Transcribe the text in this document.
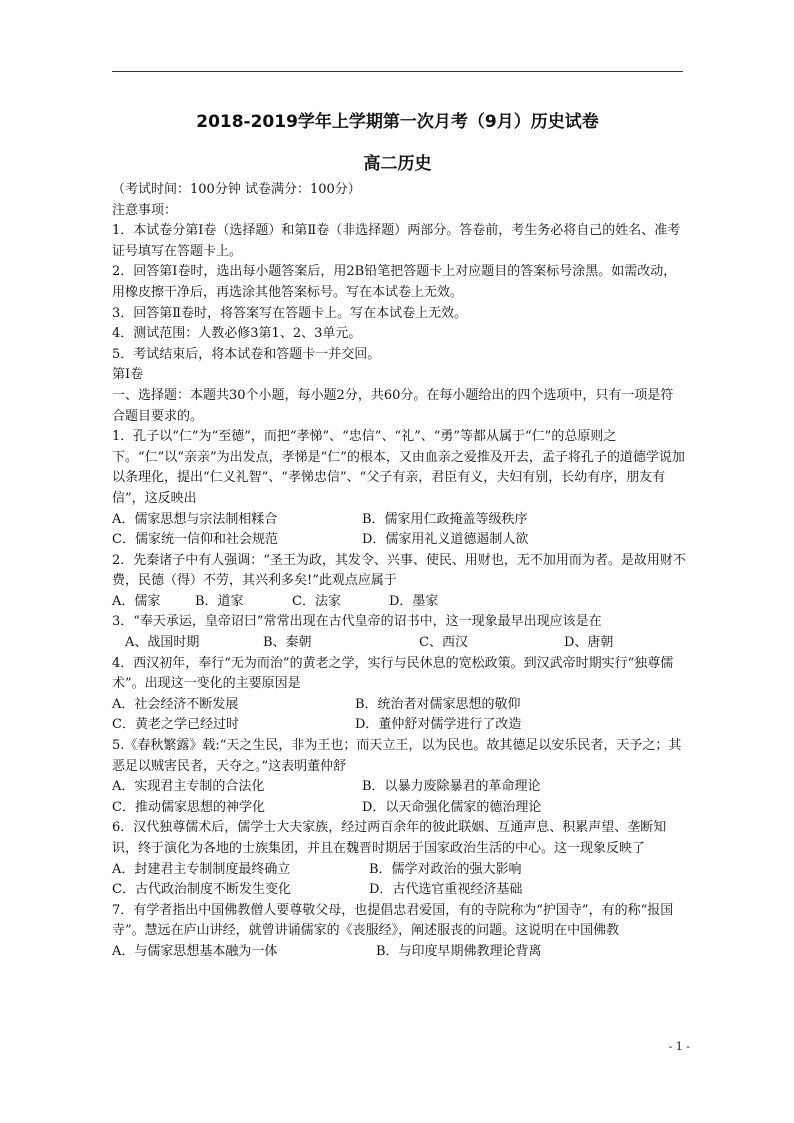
2018-2019学年上学期第一次月考（9月）历史试卷
高二历史

（考试时间：100分钟 试卷满分：100分）

注意事项：

1．本试卷分第Ⅰ卷（选择题）和第Ⅱ卷（非选择题）两部分。答卷前，考生务必将自己的姓名、准考证号填写在答题卡上。

2．回答第Ⅰ卷时，选出每小题答案后，用2B铅笔把答题卡上对应题目的答案标号涂黑。如需改动，用橡皮擦干净后，再选涂其他答案标号。写在本试卷上无效。

3．回答第Ⅱ卷时，将答案写在答题卡上。写在本试卷上无效。

4．测试范围：人教必修3第1、2、3单元。

5．考试结束后，将本试卷和答题卡一并交回。

第Ⅰ卷

一、选择题：本题共30个小题，每小题2分，共60分。在每小题给出的四个选项中，只有一项是符合题目要求的。

1．孔子以“仁”为“至德”，而把“孝悌”、“忠信”、“礼”、“勇”等都从属于“仁”的总原则之下。“仁”以“亲亲”为出发点，孝悌是“仁”的根本，又由血亲之爱推及开去，孟子将孔子的道德学说加以条理化，提出“仁义礼智”、“孝悌忠信”、“父子有亲，君臣有义，夫妇有别，长幼有序，朋友有信”，这反映出

A．儒家思想与宗法制相糅合	B．儒家用仁政掩盖等级秩序
C．儒家统一信仰和社会规范	D．儒家用礼义道德遏制人欲

2．先秦诸子中有人强调：“圣王为政，其发令、兴事、使民、用财也，无不加用而为者。是故用财不费，民德（得）不劳，其兴利多矣!”此观点应属于

A．儒家	B．道家	C．法家	D．墨家

3．“奉天承运，皇帝诏曰”常常出现在古代皇帝的诏书中，这一现象最早出现应该是在

A、战国时期	B、秦朝	C、西汉	D、唐朝

4．西汉初年，奉行“无为而治”的黄老之学，实行与民休息的宽松政策。到汉武帝时期实行“独尊儒术”。出现这一变化的主要原因是

A．社会经济不断发展	B．统治者对儒家思想的敬仰
C．黄老之学已经过时	D．董仲舒对儒学进行了改造

5.《春秋繁露》载:“天之生民，非为王也；而天立王，以为民也。故其德足以安乐民者，天予之；其恶足以贼害民者，天夺之。”这表明董仲舒

A．实现君主专制的合法化	B．以暴力废除暴君的革命理论
C．推动儒家思想的神学化	D．以天命强化儒家的德治理论

6．汉代独尊儒术后，儒学士大夫家族，经过两百余年的彼此联姻、互通声息、积累声望、垄断知识，终于演化为各地的士族集团，并且在魏晋时期居于国家政治生活的中心。这一现象反映了

A．封建君主专制制度最终确立	B．儒学对政治的强大影响
C．古代政治制度不断发生变化	D．古代选官重视经济基础

7．有学者指出中国佛教僧人要尊敬父母，也提倡忠君爱国，有的寺院称为“护国寺”，有的称“报国寺”。慧远在庐山讲经，就曾讲诵儒家的《丧服经》，阐述服丧的问题。这说明在中国佛教

A．与儒家思想基本融为一体	B．与印度早期佛教理论背离
- 1 -
